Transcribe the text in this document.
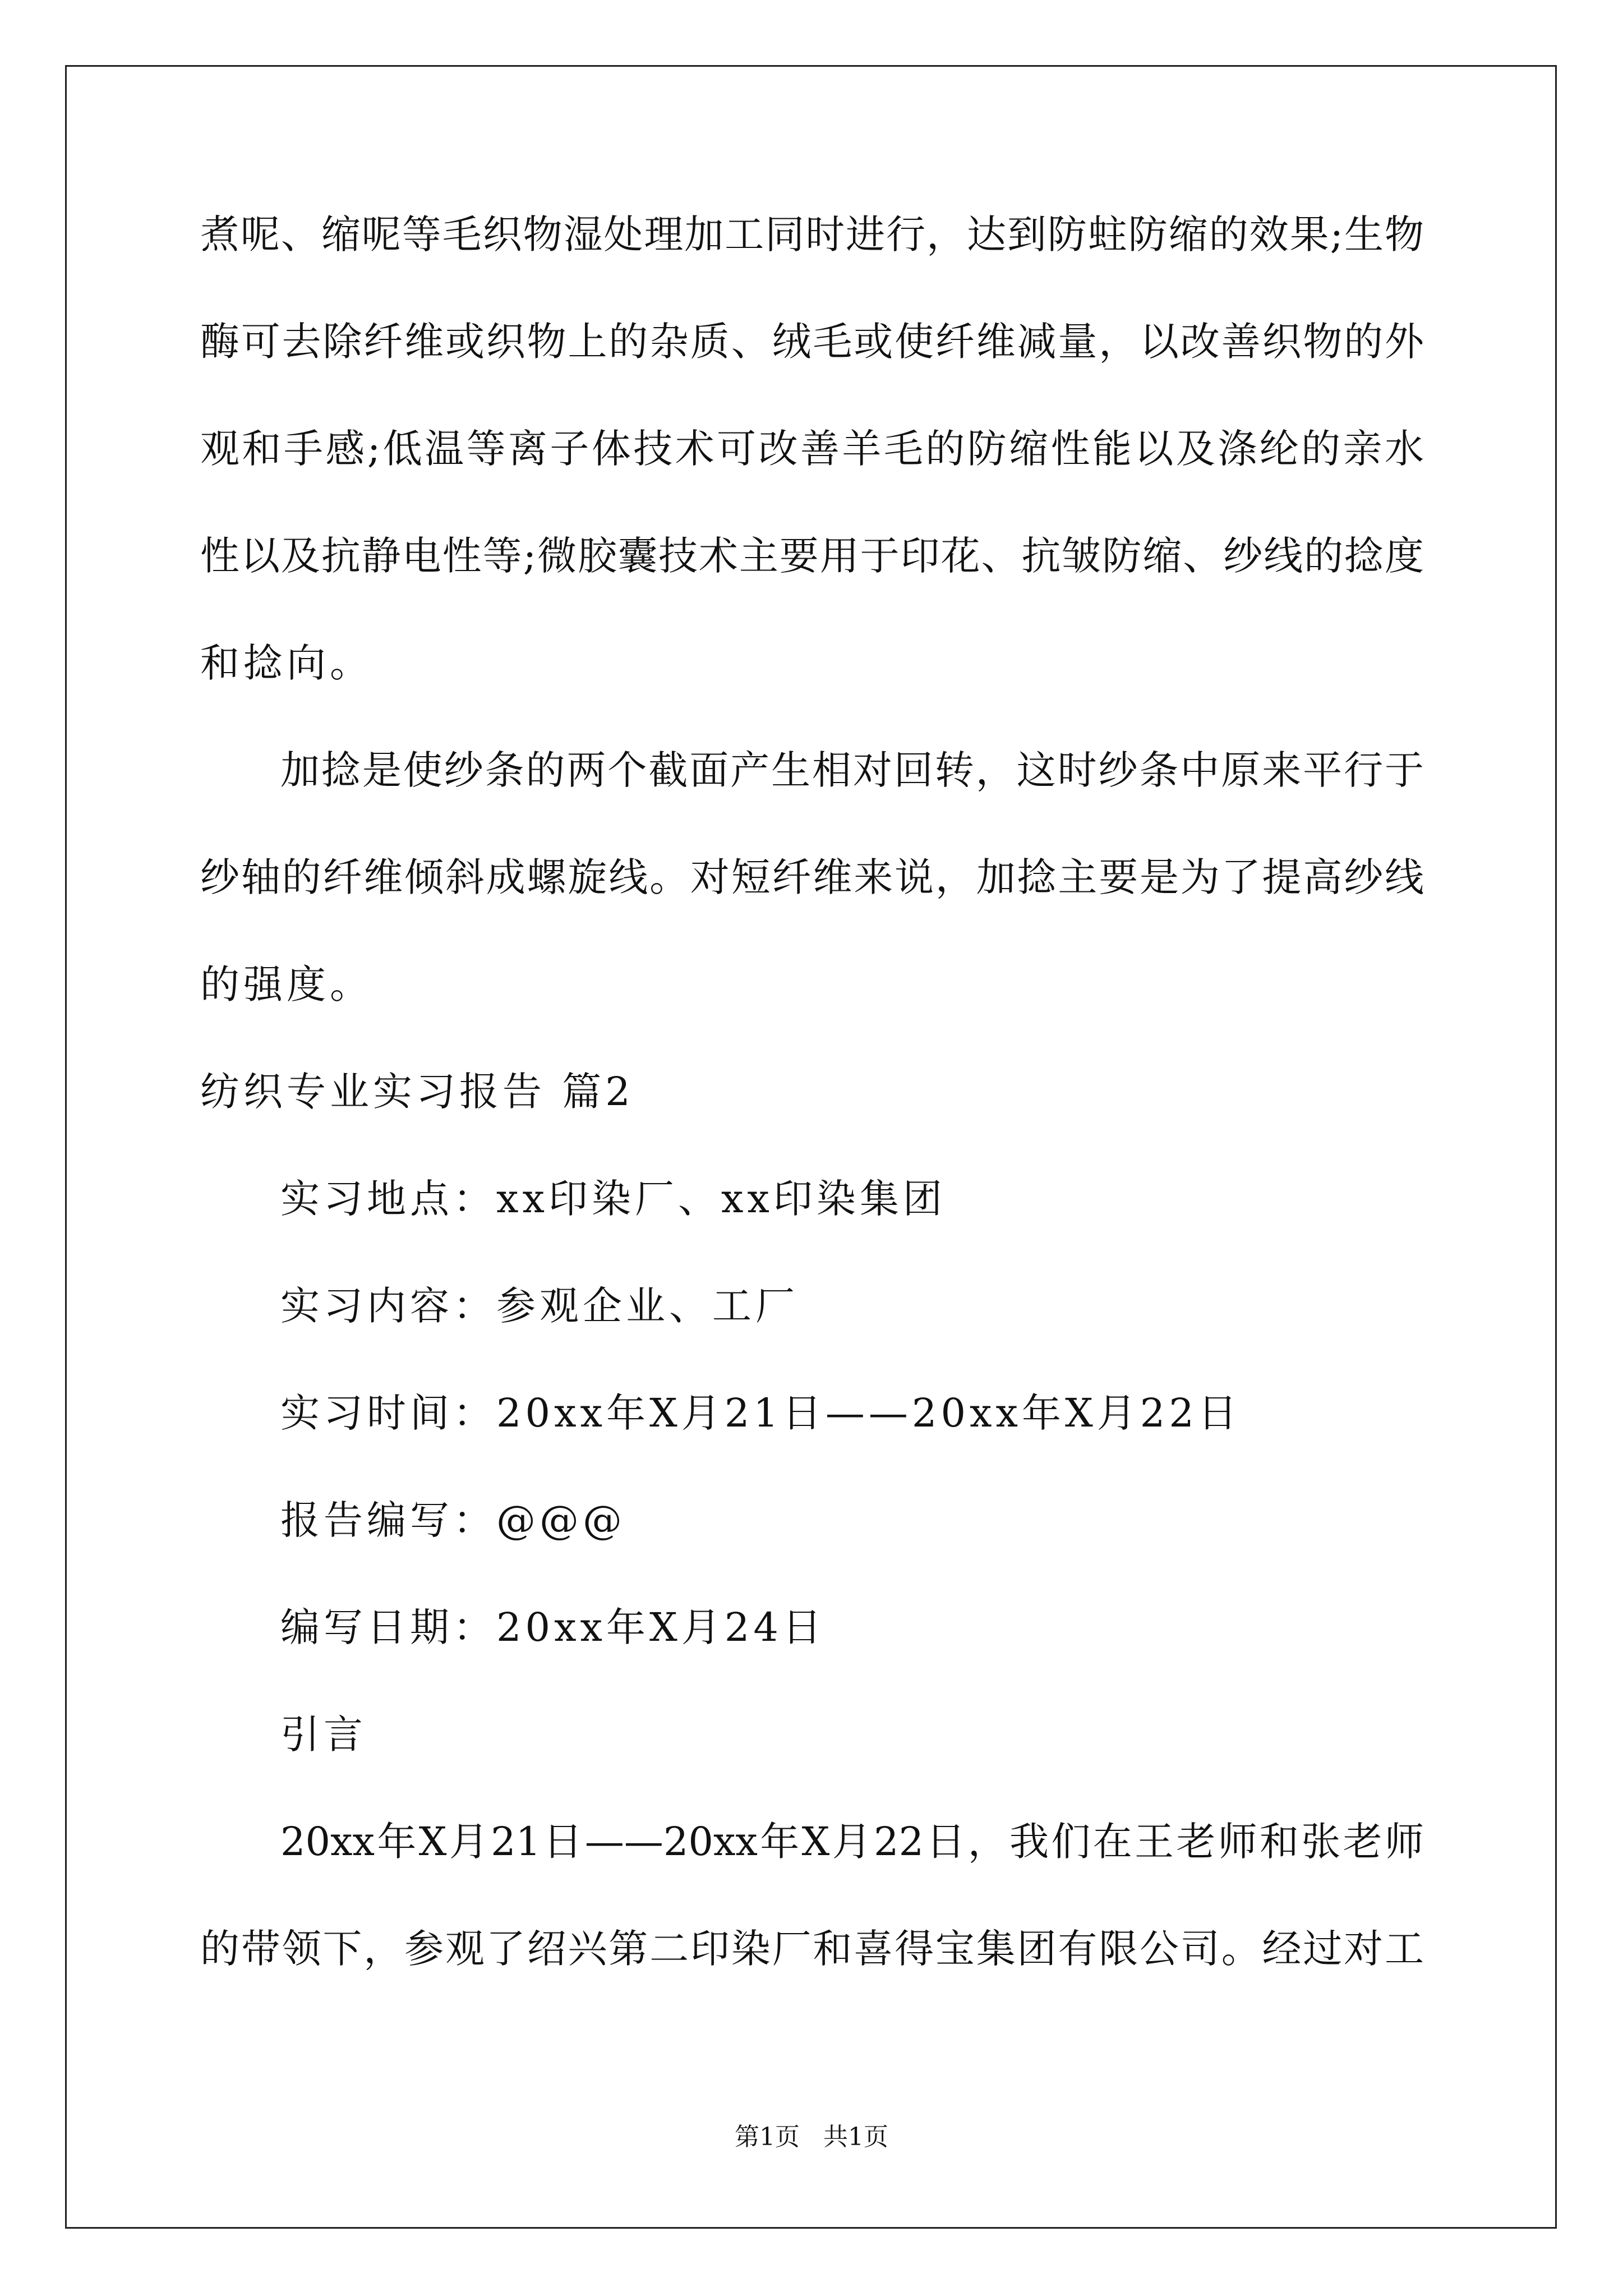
煮呢、缩呢等毛织物湿处理加工同时进行，达到防蛀防缩的效果;生物
酶可去除纤维或织物上的杂质、绒毛或使纤维减量，以改善织物的外
观和手感;低温等离子体技术可改善羊毛的防缩性能以及涤纶的亲水
性以及抗静电性等;微胶囊技术主要用于印花、抗皱防缩、纱线的捻度
和捻向。
加捻是使纱条的两个截面产生相对回转，这时纱条中原来平行于
纱轴的纤维倾斜成螺旋线。对短纤维来说，加捻主要是为了提高纱线
的强度。
纺织专业实习报告 篇2
实习地点：xx印染厂、xx印染集团
实习内容：参观企业、工厂
实习时间：20xx年X月21日——20xx年X月22日
报告编写：@@@
编写日期：20xx年X月24日
引言
20xx年X月21日——20xx年X月22日，我们在王老师和张老师
的带领下，参观了绍兴第二印染厂和喜得宝集团有限公司。经过对工
第1页   共1页
